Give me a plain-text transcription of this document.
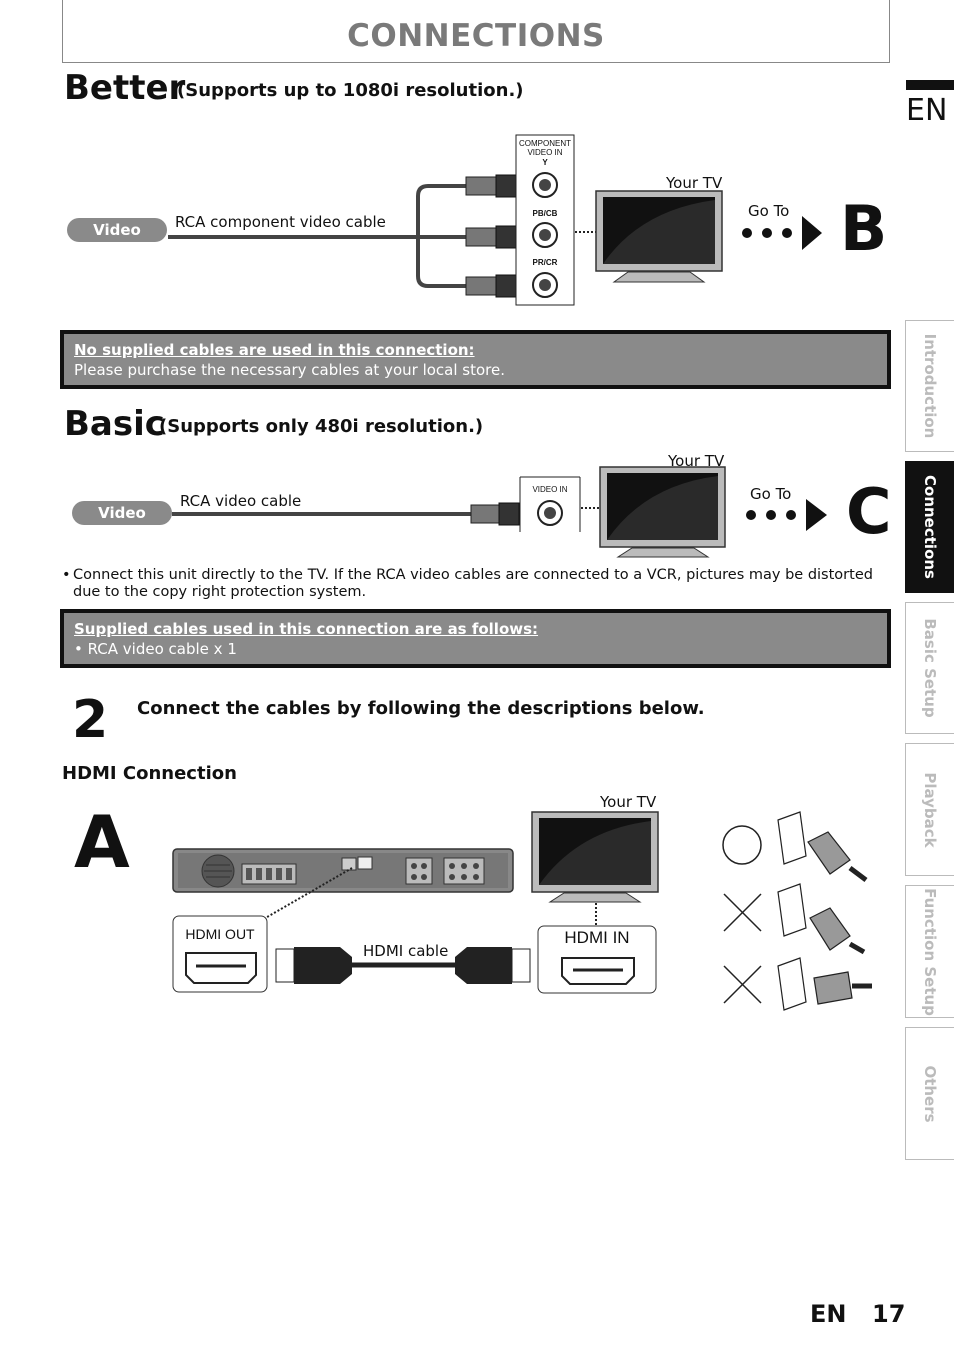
CONNECTIONS
EN
Introduction
Connections
Basic Setup
Playback
Function Setup
Others
Better
(Supports up to 1080i resolution.)
Video	RCA component video cable
COMPONENT VIDEO IN
Y
PB/CB
PR/CR
Your TV
Go To B
No supplied cables are used in this connection:
Please purchase the necessary cables at your local store.
Basic
(Supports only 480i resolution.)
Video
RCA video cable
VIDEO IN
Your TV
Go To C
• Connect this unit directly to the TV. If the RCA video cables are connected to a VCR, pictures may be distorted due to the copy right protection system.
Supplied cables used in this connection are as follows:
• RCA video cable x 1
2 Connect the cables by following the descriptions below.
HDMI Connection
A	Your TV
HDMI OUT
HDMI cable
HDMI IN
EN 17
